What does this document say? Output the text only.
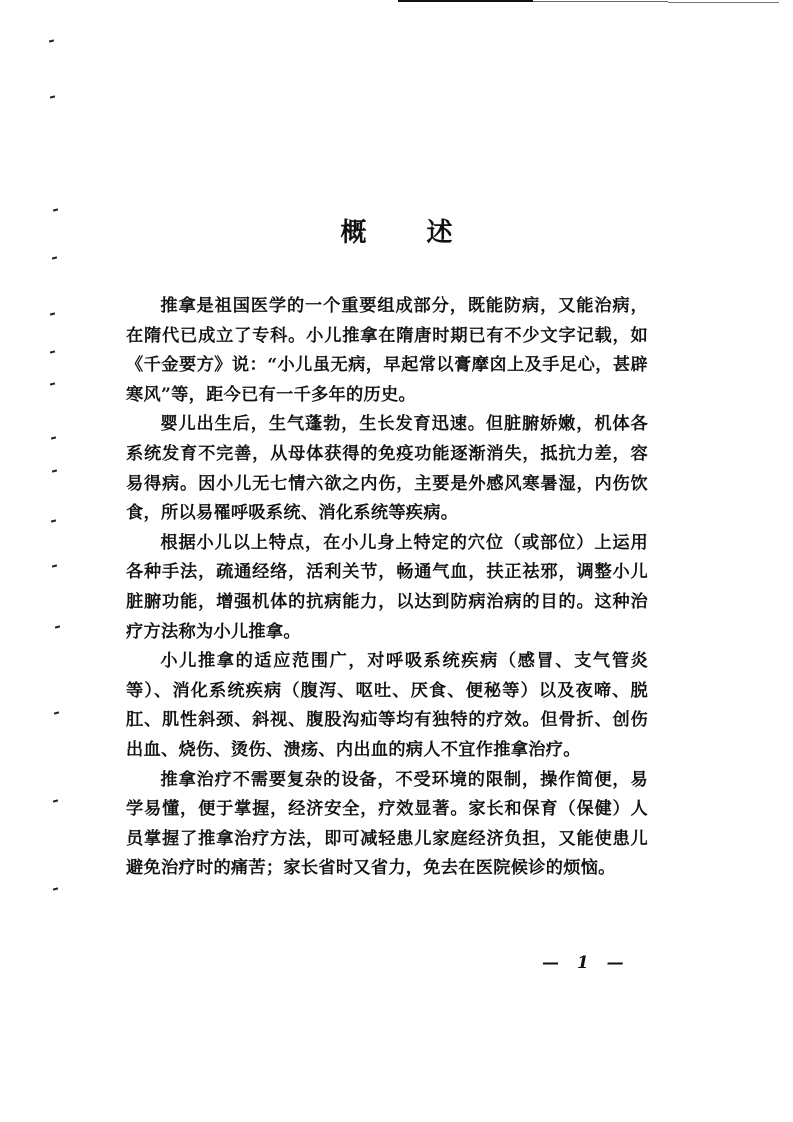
概 述

推拿是祖国医学的一个重要组成部分，既能防病，又能治病，在隋代已成立了专科。小儿推拿在隋唐时期已有不少文字记载，如《千金要方》说：“小儿虽无病，早起常以膏摩囟上及手足心，甚辟寒风”等，距今已有一千多年的历史。

婴儿出生后，生气蓬勃，生长发育迅速。但脏腑娇嫩，机体各系统发育不完善，从母体获得的免疫功能逐渐消失，抵抗力差，容易得病。因小儿无七情六欲之内伤，主要是外感风寒暑湿，内伤饮食，所以易罹呼吸系统、消化系统等疾病。

根据小儿以上特点，在小儿身上特定的穴位（或部位）上运用各种手法，疏通经络，活利关节，畅通气血，扶正祛邪，调整小儿脏腑功能，增强机体的抗病能力，以达到防病治病的目的。这种治疗方法称为小儿推拿。

小儿推拿的适应范围广，对呼吸系统疾病（感冒、支气管炎等）、消化系统疾病（腹泻、呕吐、厌食、便秘等）以及夜啼、脱肛、肌性斜颈、斜视、腹股沟疝等均有独特的疗效。但骨折、创伤出血、烧伤、烫伤、溃疡、内出血的病人不宜作推拿治疗。

推拿治疗不需要复杂的设备，不受环境的限制，操作简便，易学易懂，便于掌握，经济安全，疗效显著。家长和保育（保健）人员掌握了推拿治疗方法，即可减轻患儿家庭经济负担，又能使患儿避免治疗时的痛苦；家长省时又省力，免去在医院候诊的烦恼。

— 1 —
